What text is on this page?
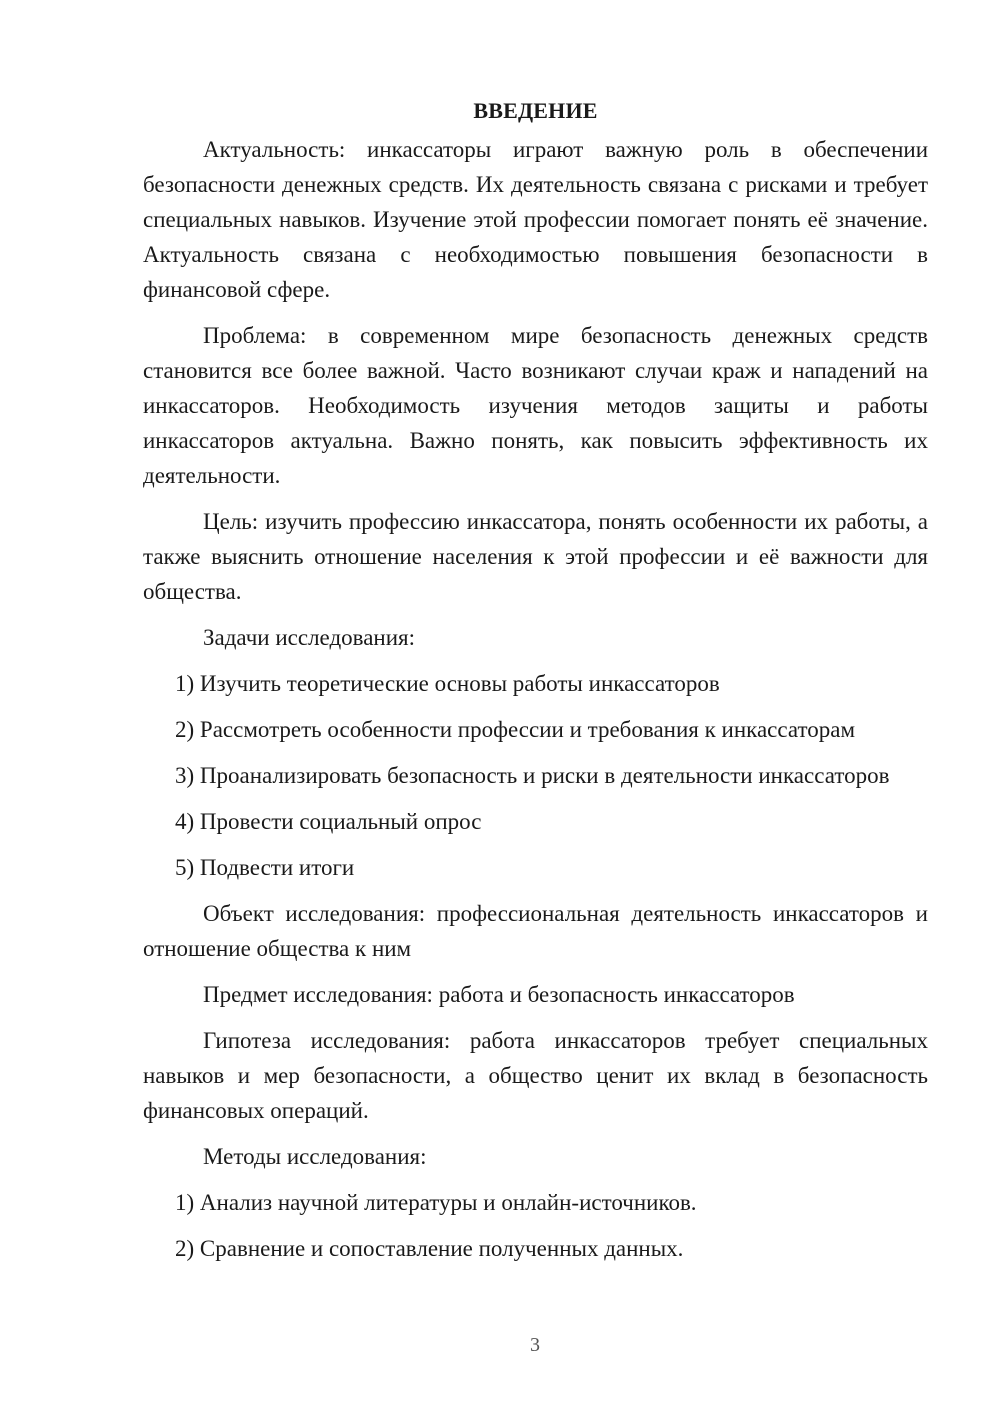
ВВЕДЕНИЕ

Актуальность: инкассаторы играют важную роль в обеспечении безопасности денежных средств. Их деятельность связана с рисками и требует специальных навыков. Изучение этой профессии помогает понять её значение. Актуальность связана с необходимостью повышения безопасности в финансовой сфере.

Проблема: в современном мире безопасность денежных средств становится все более важной. Часто возникают случаи краж и нападений на инкассаторов. Необходимость изучения методов защиты и работы инкассаторов актуальна. Важно понять, как повысить эффективность их деятельности.

Цель: изучить профессию инкассатора, понять особенности их работы, а также выяснить отношение населения к этой профессии и её важности для общества.

Задачи исследования:

1) Изучить теоретические основы работы инкассаторов

2) Рассмотреть особенности профессии и требования к инкассаторам

3) Проанализировать безопасность и риски в деятельности инкассаторов

4) Провести социальный опрос

5) Подвести итоги

Объект исследования: профессиональная деятельность инкассаторов и отношение общества к ним

Предмет исследования: работа и безопасность инкассаторов

Гипотеза исследования: работа инкассаторов требует специальных навыков и мер безопасности, а общество ценит их вклад в безопасность финансовых операций.

Методы исследования:

1) Анализ научной литературы и онлайн-источников.

2) Сравнение и сопоставление полученных данных.

3
